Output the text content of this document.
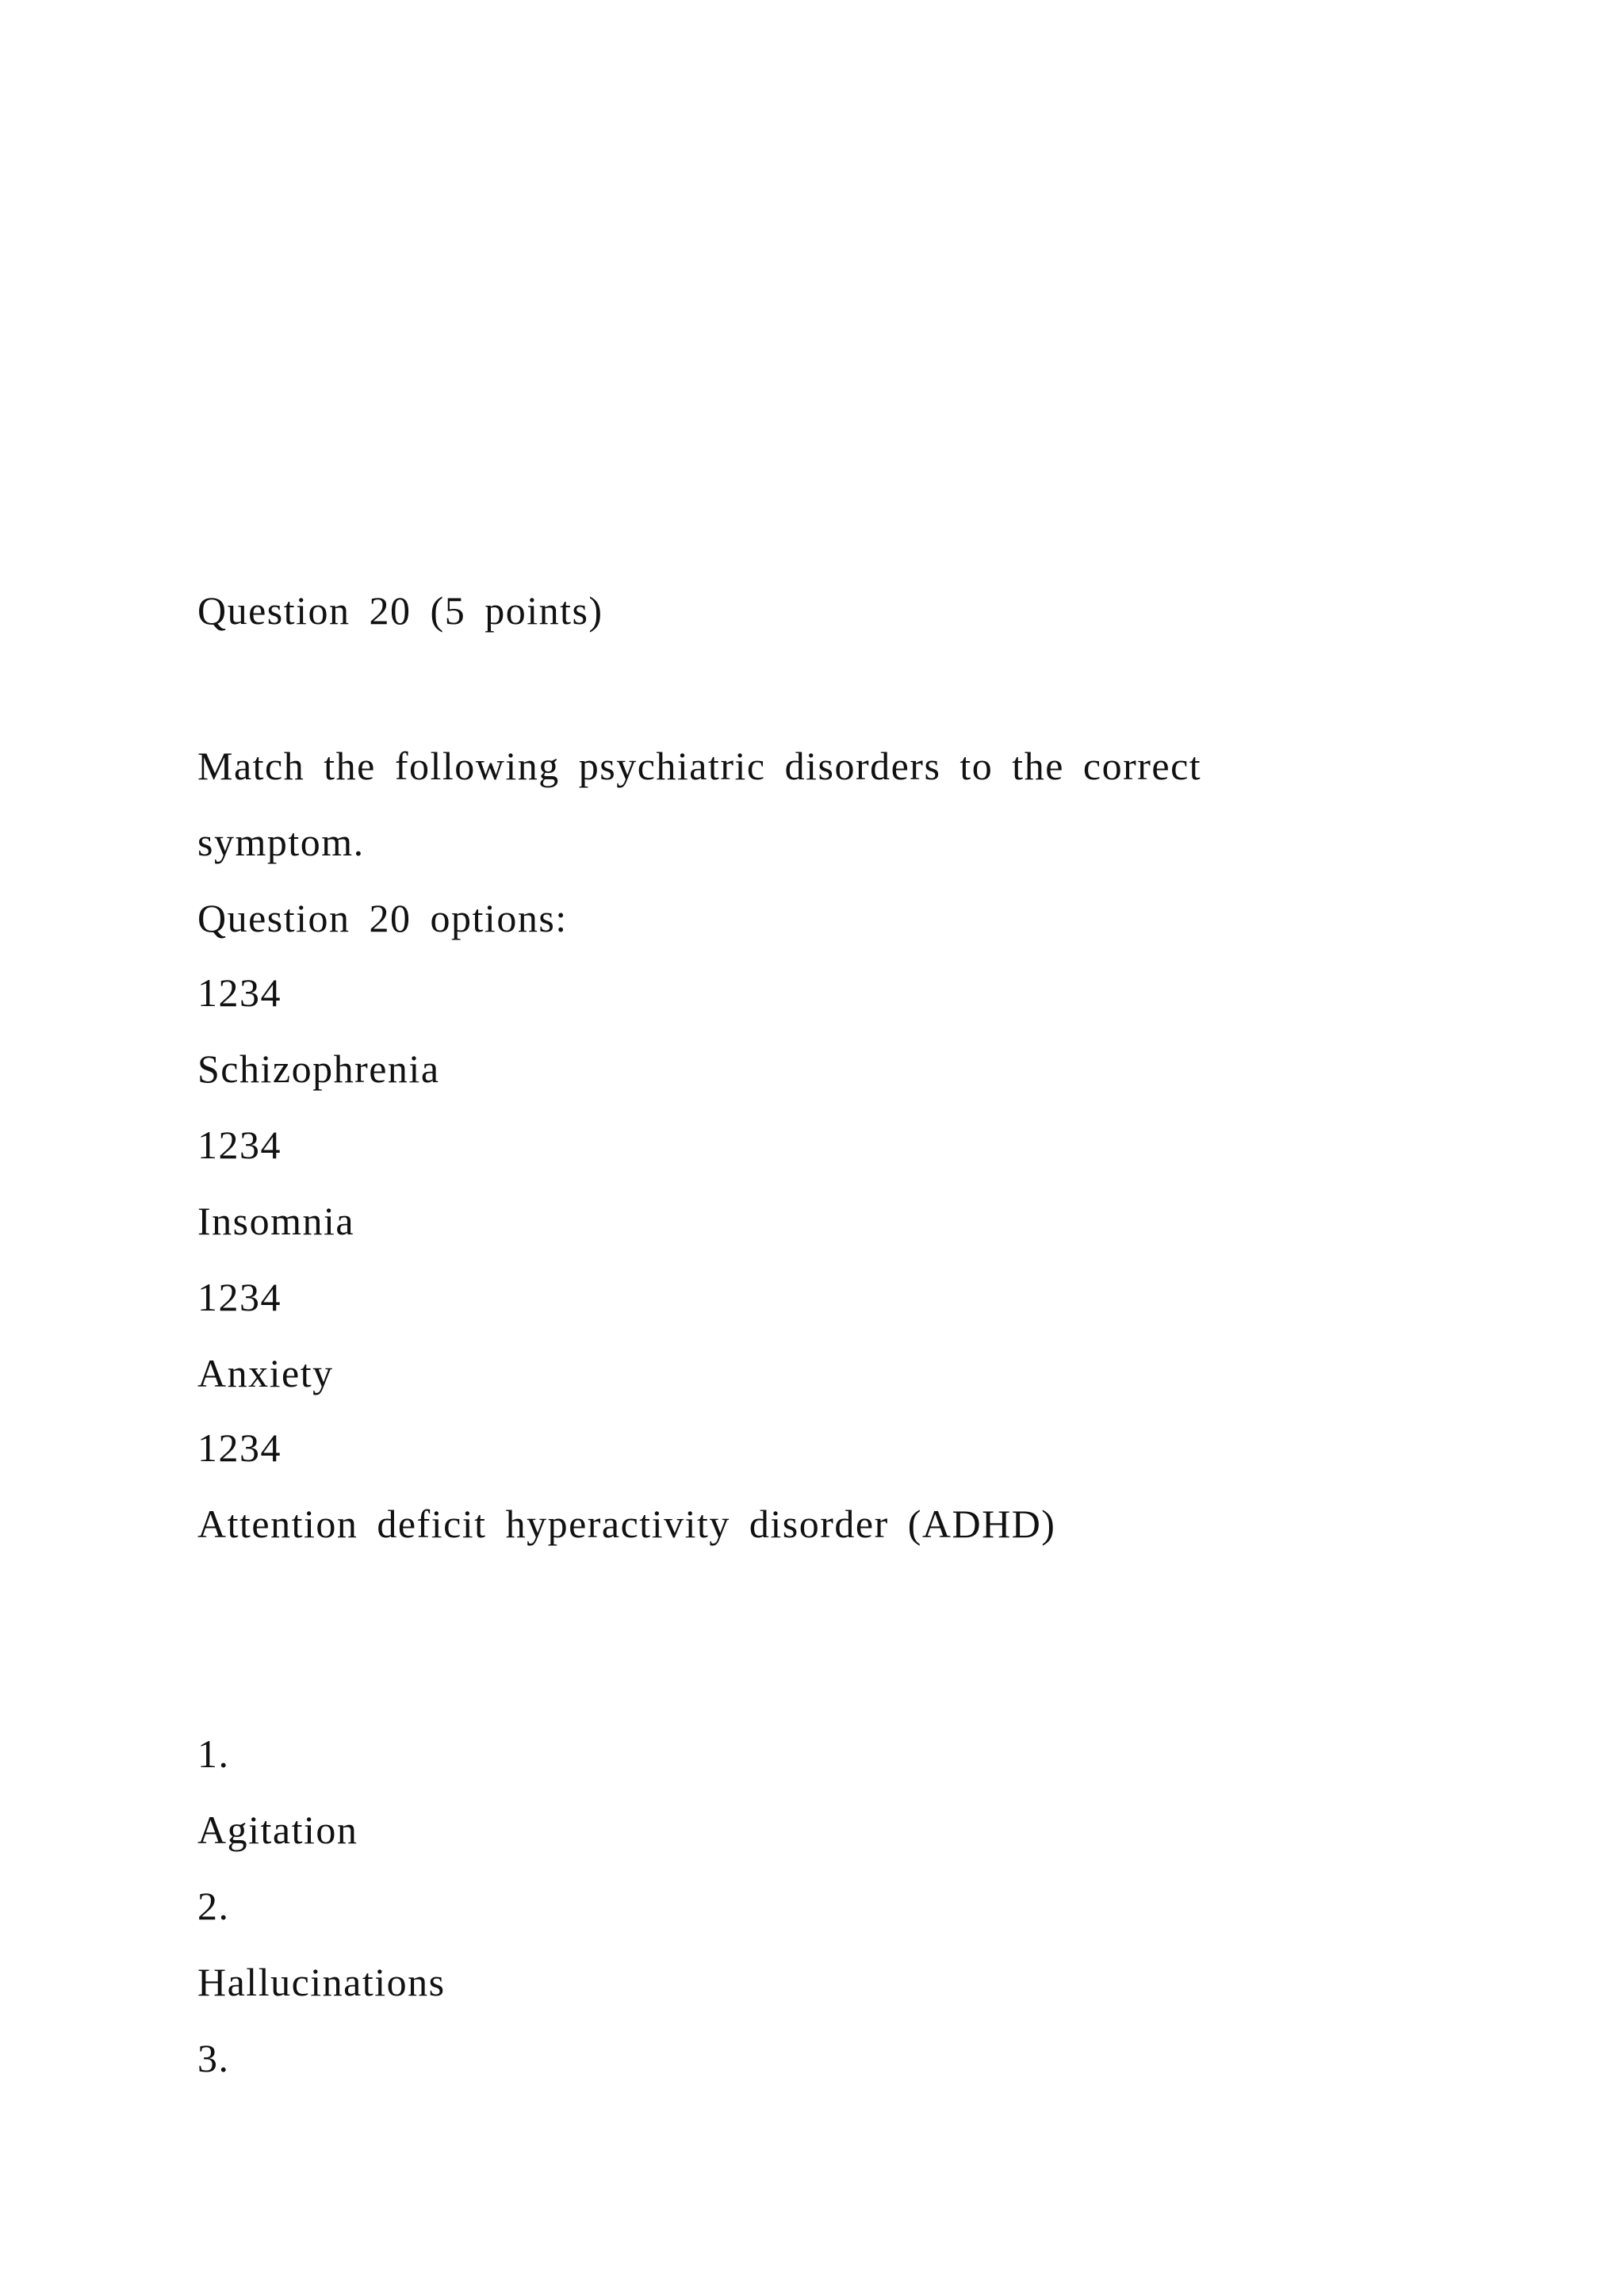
Question 20 (5 points)

Match the following psychiatric disorders to the correct

symptom.

Question 20 options:

1234

Schizophrenia

1234

Insomnia

1234

Anxiety

1234

Attention deficit hyperactivity disorder (ADHD)

1.

Agitation

2.

Hallucinations

3.
